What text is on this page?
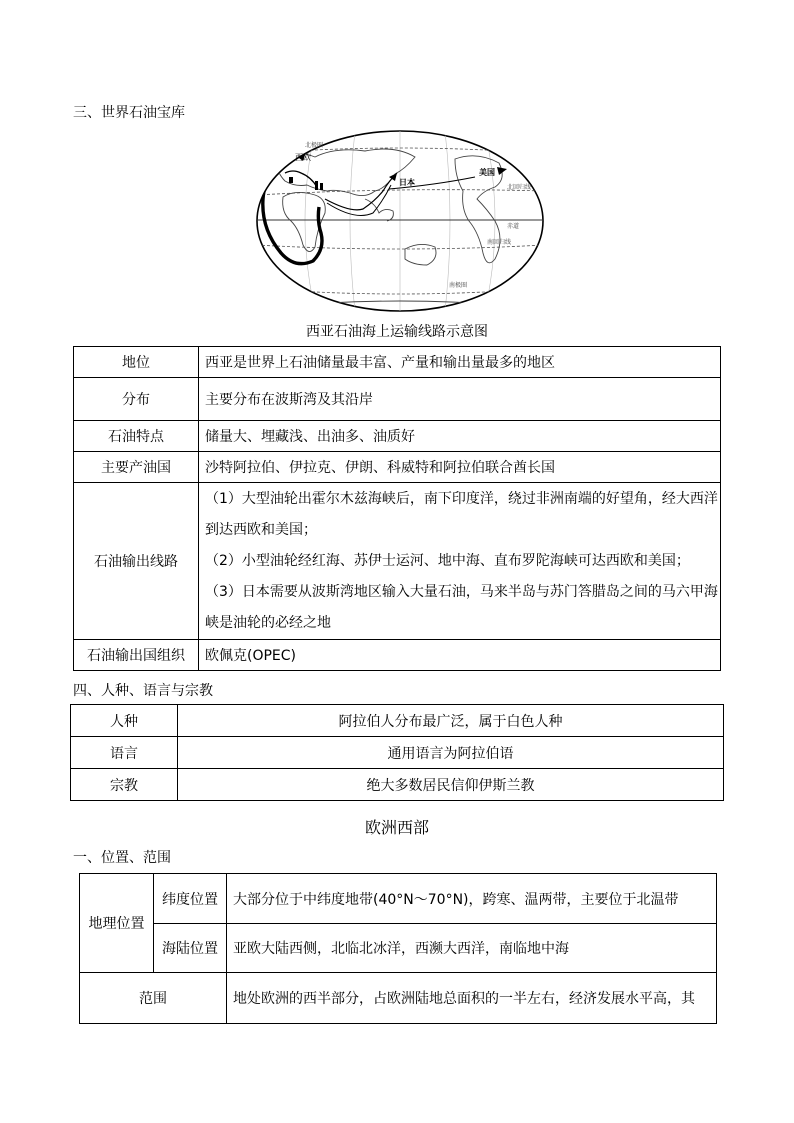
三、世界石油宝库
西欧
日本
美国
北极圈
北回归线
赤道
南回归线
南极圈
西亚石油海上运输线路示意图
地位	西亚是世界上石油储量最丰富、产量和输出量最多的地区
分布	主要分布在波斯湾及其沿岸
石油特点	储量大、埋藏浅、出油多、油质好
主要产油国	沙特阿拉伯、伊拉克、伊朗、科威特和阿拉伯联合酋长国
石油输出线路	（1）大型油轮出霍尔木兹海峡后，南下印度洋，绕过非洲南端的好望角，经大西洋
到达西欧和美国；
（2）小型油轮经红海、苏伊士运河、地中海、直布罗陀海峡可达西欧和美国；
（3）日本需要从波斯湾地区输入大量石油，马来半岛与苏门答腊岛之间的马六甲海
峡是油轮的必经之地

石油输出国组织	欧佩克(OPEC)
四、人种、语言与宗教
人种	阿拉伯人分布最广泛，属于白色人种
语言	通用语言为阿拉伯语
宗教	绝大多数居民信仰伊斯兰教
欧洲西部
一、位置、范围
地理位置	纬度位置	大部分位于中纬度地带(40°N～70°N)，跨寒、温两带，主要位于北温带
	海陆位置	亚欧大陆西侧，北临北冰洋，西濒大西洋，南临地中海
范围		地处欧洲的西半部分，占欧洲陆地总面积的一半左右，经济发展水平高，其
